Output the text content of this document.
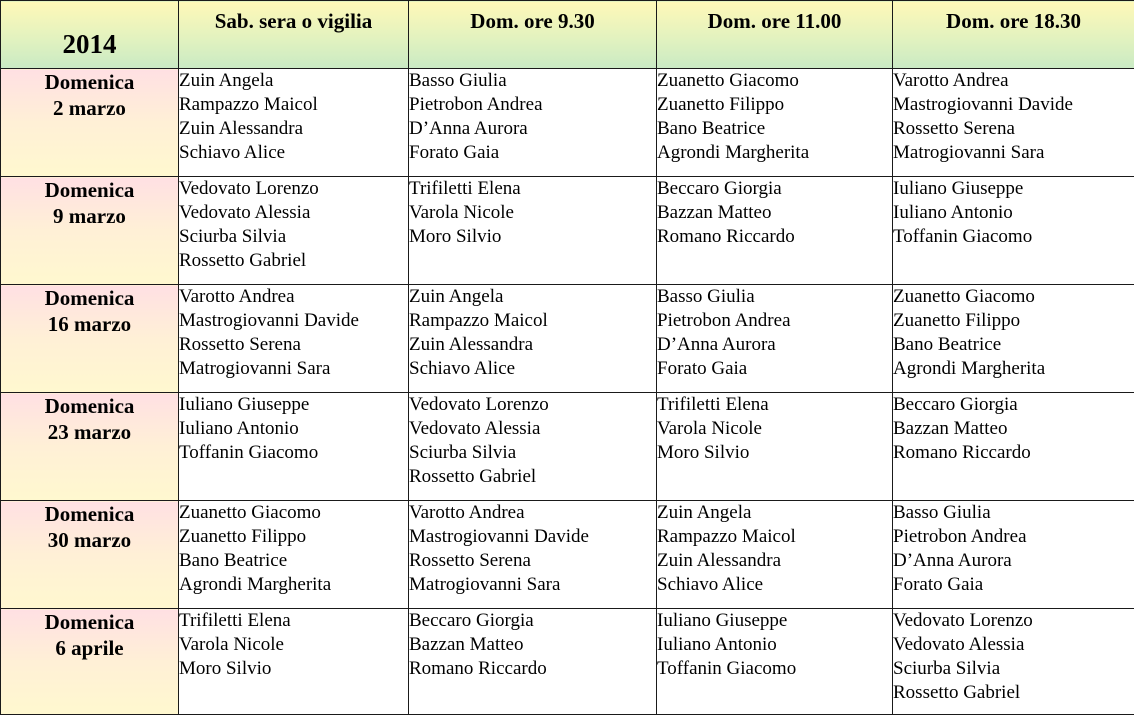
2014	Sab. sera o vigilia	Dom. ore 9.30	Dom. ore 11.00	Dom. ore 18.30

Domenica
2 marzo	Zuin Angela
Rampazzo Maicol
Zuin Alessandra
Schiavo Alice	Basso Giulia
Pietrobon Andrea
D’Anna Aurora
Forato Gaia	Zuanetto Giacomo
Zuanetto Filippo
Bano Beatrice
Agrondi Margherita	Varotto Andrea
Mastrogiovanni Davide
Rossetto Serena
Matrogiovanni Sara

Domenica
9 marzo	Vedovato Lorenzo
Vedovato Alessia
Sciurba Silvia
Rossetto Gabriel	Trifiletti Elena
Varola Nicole
Moro Silvio	Beccaro Giorgia
Bazzan Matteo
Romano Riccardo	Iuliano Giuseppe
Iuliano Antonio
Toffanin Giacomo

Domenica
16 marzo	Varotto Andrea
Mastrogiovanni Davide
Rossetto Serena
Matrogiovanni Sara	Zuin Angela
Rampazzo Maicol
Zuin Alessandra
Schiavo Alice	Basso Giulia
Pietrobon Andrea
D’Anna Aurora
Forato Gaia	Zuanetto Giacomo
Zuanetto Filippo
Bano Beatrice
Agrondi Margherita

Domenica
23 marzo	Iuliano Giuseppe
Iuliano Antonio
Toffanin Giacomo	Vedovato Lorenzo
Vedovato Alessia
Sciurba Silvia
Rossetto Gabriel	Trifiletti Elena
Varola Nicole
Moro Silvio	Beccaro Giorgia
Bazzan Matteo
Romano Riccardo

Domenica
30 marzo	Zuanetto Giacomo
Zuanetto Filippo
Bano Beatrice
Agrondi Margherita	Varotto Andrea
Mastrogiovanni Davide
Rossetto Serena
Matrogiovanni Sara	Zuin Angela
Rampazzo Maicol
Zuin Alessandra
Schiavo Alice	Basso Giulia
Pietrobon Andrea
D’Anna Aurora
Forato Gaia

Domenica
6 aprile	Trifiletti Elena
Varola Nicole
Moro Silvio	Beccaro Giorgia
Bazzan Matteo
Romano Riccardo	Iuliano Giuseppe
Iuliano Antonio
Toffanin Giacomo	Vedovato Lorenzo
Vedovato Alessia
Sciurba Silvia
Rossetto Gabriel
